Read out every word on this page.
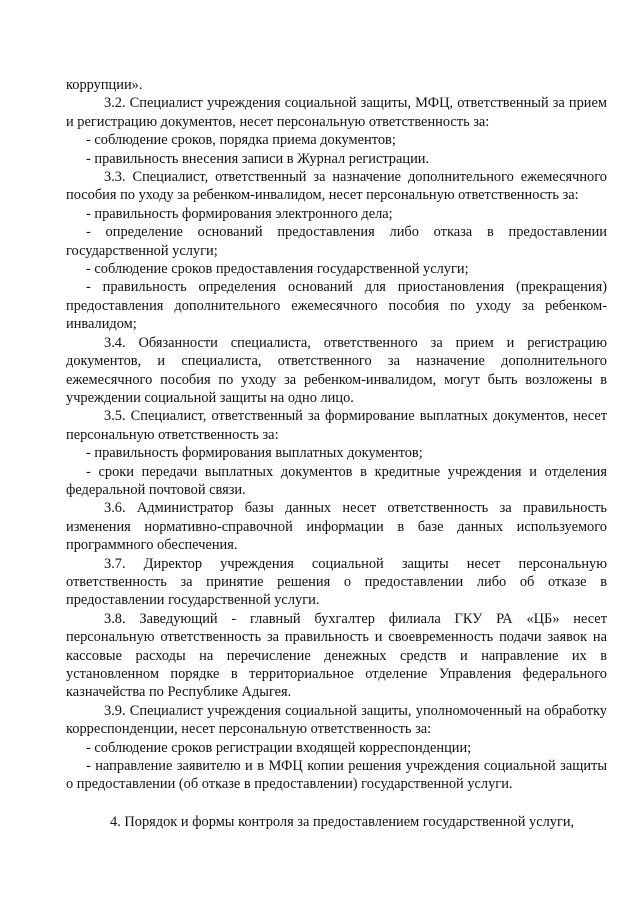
коррупции».

3.2. Специалист учреждения социальной защиты, МФЦ, ответственный за прием и регистрацию документов, несет персональную ответственность за:

- соблюдение сроков, порядка приема документов;

- правильность внесения записи в Журнал регистрации.

3.3. Специалист, ответственный за назначение дополнительного ежемесячного пособия по уходу за ребенком-инвалидом, несет персональную ответственность за:

- правильность формирования электронного дела;

- определение оснований предоставления либо отказа в предоставлении государственной услуги;

- соблюдение сроков предоставления государственной услуги;

- правильность определения оснований для приостановления (прекращения) предоставления дополнительного ежемесячного пособия по уходу за ребенком-инвалидом;

3.4. Обязанности специалиста, ответственного за прием и регистрацию документов, и специалиста, ответственного за назначение дополнительного ежемесячного пособия по уходу за ребенком-инвалидом, могут быть возложены в учреждении социальной защиты на одно лицо.

3.5. Специалист, ответственный за формирование выплатных документов, несет персональную ответственность за:

- правильность формирования выплатных документов;

- сроки передачи выплатных документов в кредитные учреждения и отделения федеральной почтовой связи.

3.6. Администратор базы данных несет ответственность за правильность изменения нормативно-справочной информации в базе данных используемого программного обеспечения.

3.7. Директор учреждения социальной защиты несет персональную ответственность за принятие решения о предоставлении либо об отказе в предоставлении государственной услуги.

3.8. Заведующий - главный бухгалтер филиала ГКУ РА «ЦБ» несет персональную ответственность за правильность и своевременность подачи заявок на кассовые расходы на перечисление денежных средств и направление их в установленном порядке в территориальное отделение Управления федерального казначейства по Республике Адыгея.

3.9. Специалист учреждения социальной защиты, уполномоченный на обработку корреспонденции, несет персональную ответственность за:

- соблюдение сроков регистрации входящей корреспонденции;

- направление заявителю и в МФЦ копии решения учреждения социальной защиты о предоставлении (об отказе в предоставлении) государственной услуги.

4. Порядок и формы контроля за предоставлением государственной услуги,
